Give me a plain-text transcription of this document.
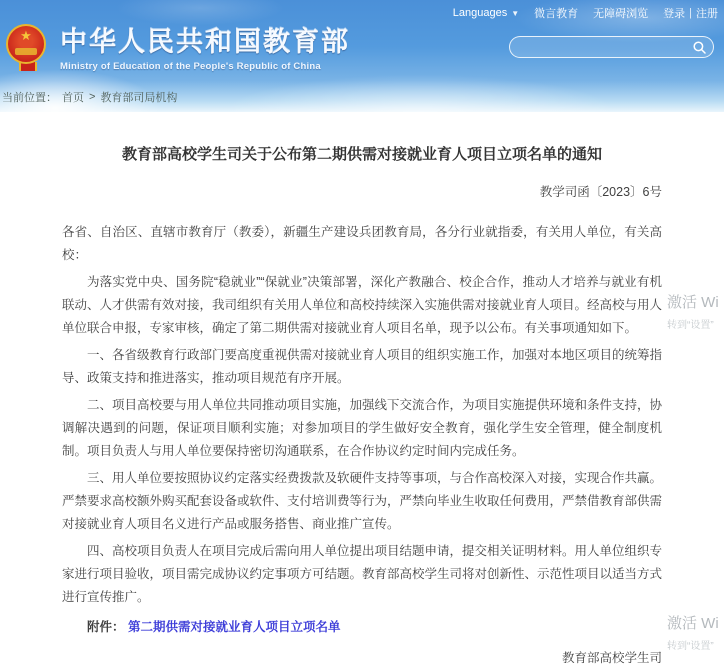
Languages ▼ 微言教育 无障碍浏览 登录 | 注册
★
中华人民共和国教育部
Ministry of Education of the People's Republic of China
当前位置： 首页 > 教育部司局机构
教育部高校学生司关于公布第二期供需对接就业育人项目立项名单的通知
教学司函〔2023〕6号
各省、自治区、直辖市教育厅（教委），新疆生产建设兵团教育局，各分行业就指委，有关用人单位，有关高校：

为落实党中央、国务院“稳就业”“保就业”决策部署，深化产教融合、校企合作，推动人才培养与就业有机联动、人才供需有效对接，我司组织有关用人单位和高校持续深入实施供需对接就业育人项目。经高校与用人单位联合申报，专家审核，确定了第二期供需对接就业育人项目名单，现予以公布。有关事项通知如下。

一、各省级教育行政部门要高度重视供需对接就业育人项目的组织实施工作，加强对本地区项目的统筹指导、政策支持和推进落实，推动项目规范有序开展。

二、项目高校要与用人单位共同推动项目实施，加强线下交流合作，为项目实施提供环境和条件支持，协调解决遇到的问题，保证项目顺利实施；对参加项目的学生做好安全教育，强化学生安全管理，健全制度机制。项目负责人与用人单位要保持密切沟通联系，在合作协议约定时间内完成任务。

三、用人单位要按照协议约定落实经费拨款及软硬件支持等事项，与合作高校深入对接，实现合作共赢。严禁要求高校额外购买配套设备或软件、支付培训费等行为，严禁向毕业生收取任何费用，严禁借教育部供需对接就业育人项目名义进行产品或服务搭售、商业推广宣传。

四、高校项目负责人在项目完成后需向用人单位提出项目结题申请，提交相关证明材料。用人单位组织专家进行项目验收，项目需完成协议约定事项方可结题。教育部高校学生司将对创新性、示范性项目以适当方式进行宣传推广。

附件： 第二期供需对接就业育人项目立项名单
教育部高校学生司
激活 Wi
转到“设置”
激活 Wi
转到“设置”
